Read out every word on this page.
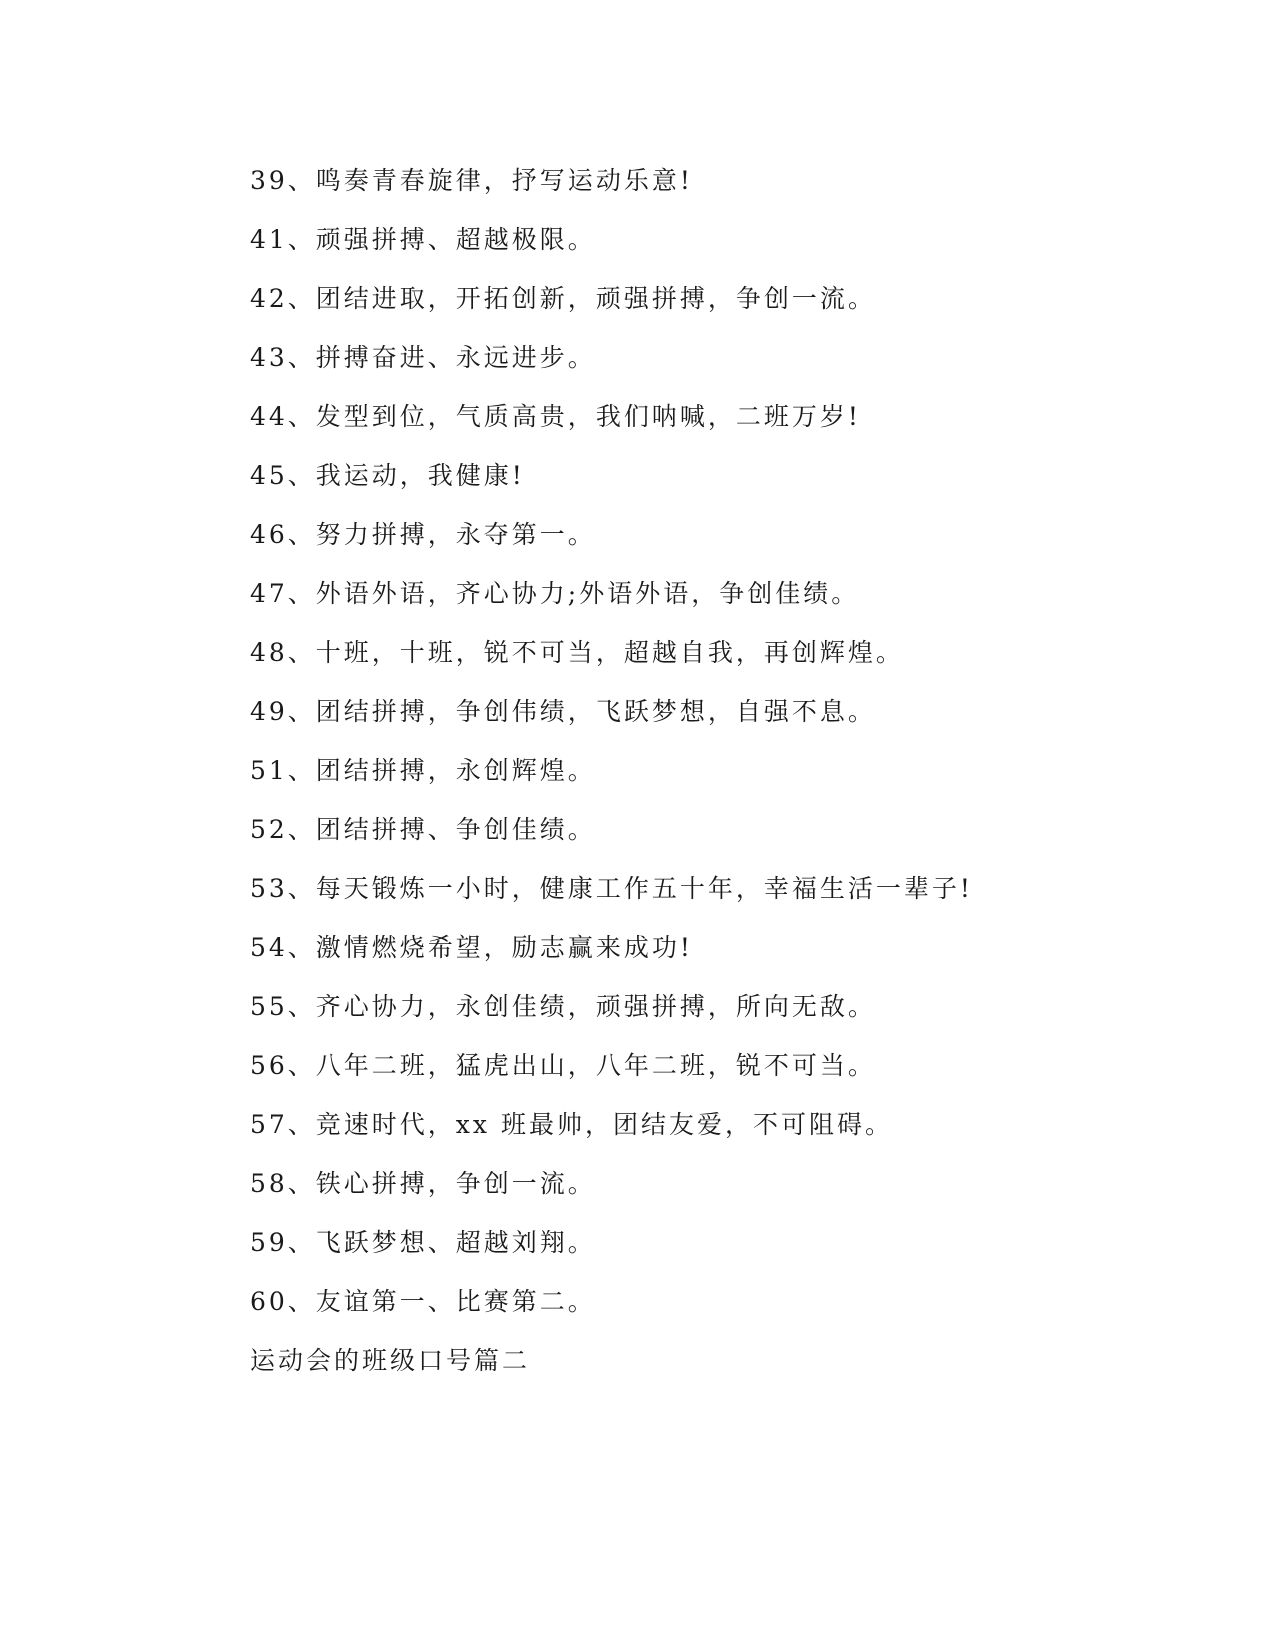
39、鸣奏青春旋律，抒写运动乐意!
41、顽强拼搏、超越极限。
42、团结进取，开拓创新，顽强拼搏，争创一流。
43、拼搏奋进、永远进步。
44、发型到位，气质高贵，我们呐喊，二班万岁!
45、我运动，我健康!
46、努力拼搏，永夺第一。
47、外语外语，齐心协力;外语外语，争创佳绩。
48、十班，十班，锐不可当，超越自我，再创辉煌。
49、团结拼搏，争创伟绩，飞跃梦想，自强不息。
51、团结拼搏，永创辉煌。
52、团结拼搏、争创佳绩。
53、每天锻炼一小时，健康工作五十年，幸福生活一辈子!
54、激情燃烧希望，励志赢来成功!
55、齐心协力，永创佳绩，顽强拼搏，所向无敌。
56、八年二班，猛虎出山，八年二班，锐不可当。
57、竞速时代，xx 班最帅，团结友爱，不可阻碍。
58、铁心拼搏，争创一流。
59、飞跃梦想、超越刘翔。
60、友谊第一、比赛第二。
运动会的班级口号篇二
